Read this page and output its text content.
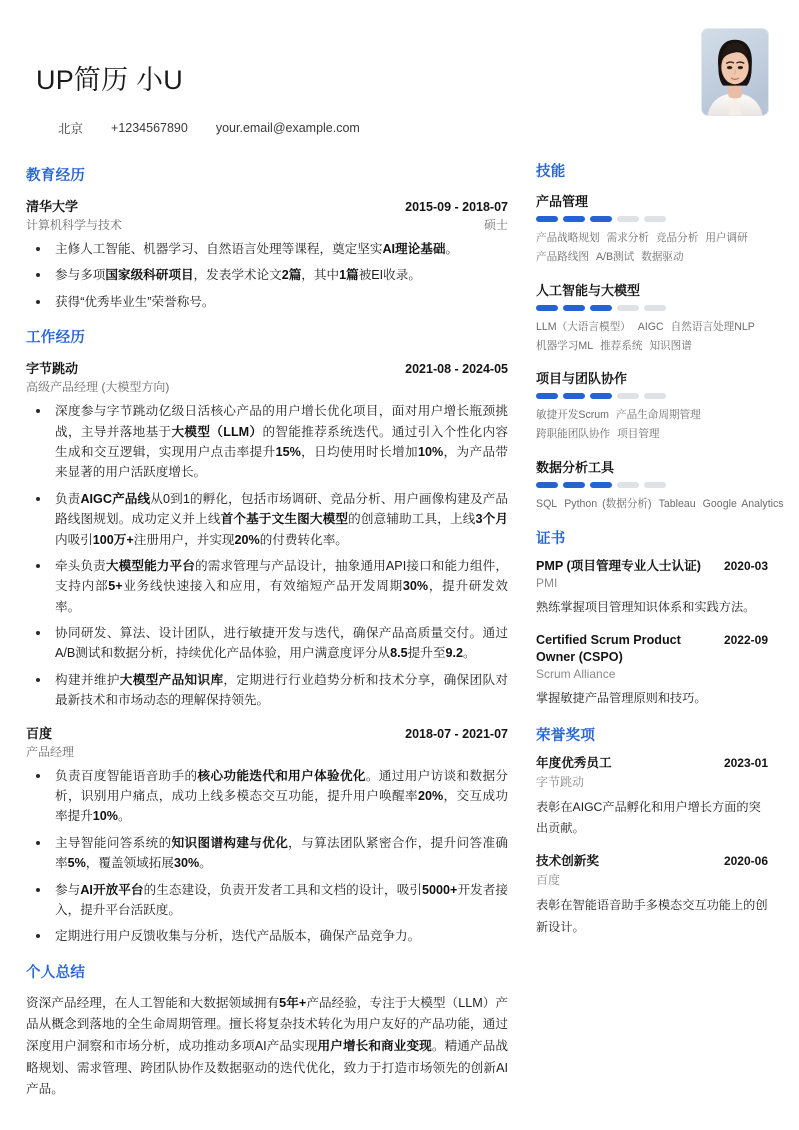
UP简历 小U
北京 +1234567890 your.email@example.com
教育经历
清华大学	2015-09 - 2018-07
计算机科学与技术	硕士
主修人工智能、机器学习、自然语言处理等课程，奠定坚实AI理论基础。
参与多项国家级科研项目，发表学术论文2篇，其中1篇被EI收录。
获得“优秀毕业生”荣誉称号。
工作经历
字节跳动	2021-08 - 2024-05
高级产品经理 (大模型方向)
深度参与字节跳动亿级日活核心产品的用户增长优化项目，面对用户增长瓶颈挑战，主导并落地基于大模型（LLM）的智能推荐系统迭代。通过引入个性化内容生成和交互逻辑，实现用户点击率提升15%，日均使用时长增加10%，为产品带来显著的用户活跃度增长。
负责AIGC产品线从0到1的孵化，包括市场调研、竞品分析、用户画像构建及产品路线图规划。成功定义并上线首个基于文生图大模型的创意辅助工具，上线3个月内吸引100万+注册用户，并实现20%的付费转化率。
牵头负责大模型能力平台的需求管理与产品设计，抽象通用API接口和能力组件，支持内部5+业务线快速接入和应用，有效缩短产品开发周期30%，提升研发效率。
协同研发、算法、设计团队，进行敏捷开发与迭代，确保产品高质量交付。通过A/B测试和数据分析，持续优化产品体验，用户满意度评分从8.5提升至9.2。
构建并维护大模型产品知识库，定期进行行业趋势分析和技术分享，确保团队对最新技术和市场动态的理解保持领先。
百度	2018-07 - 2021-07
产品经理
负责百度智能语音助手的核心功能迭代和用户体验优化。通过用户访谈和数据分析，识别用户痛点，成功上线多模态交互功能，提升用户唤醒率20%，交互成功率提升10%。
主导智能问答系统的知识图谱构建与优化，与算法团队紧密合作，提升问答准确率5%，覆盖领域拓展30%。
参与AI开放平台的生态建设，负责开发者工具和文档的设计，吸引5000+开发者接入，提升平台活跃度。
定期进行用户反馈收集与分析，迭代产品版本，确保产品竞争力。
个人总结
资深产品经理，在人工智能和大数据领域拥有5年+产品经验，专注于大模型（LLM）产品从概念到落地的全生命周期管理。擅长将复杂技术转化为用户友好的产品功能，通过深度用户洞察和市场分析，成功推动多项AI产品实现用户增长和商业变现。精通产品战略规划、需求管理、跨团队协作及数据驱动的迭代优化，致力于打造市场领先的创新AI产品。
技能
产品管理
产品战略规划 需求分析 竞品分析 用户调研产品路线图 A/B测试 数据驱动
人工智能与大模型
LLM（大语言模型） AIGC 自然语言处理NLP机器学习ML 推荐系统 知识图谱
项目与团队协作
敏捷开发Scrum 产品生命周期管理跨职能团队协作 项目管理
数据分析工具
SQL Python (数据分析) Tableau Google Analytics
证书
PMP (项目管理专业人士认证) 2020-03
PMI
熟练掌握项目管理知识体系和实践方法。
Certified Scrum Product Owner (CSPO)
2022-09
Scrum Alliance
掌握敏捷产品管理原则和技巧。
荣誉奖项
年度优秀员工	2023-01
字节跳动
表彰在AIGC产品孵化和用户增长方面的突出贡献。
技术创新奖	2020-06
百度
表彰在智能语音助手多模态交互功能上的创新设计。
